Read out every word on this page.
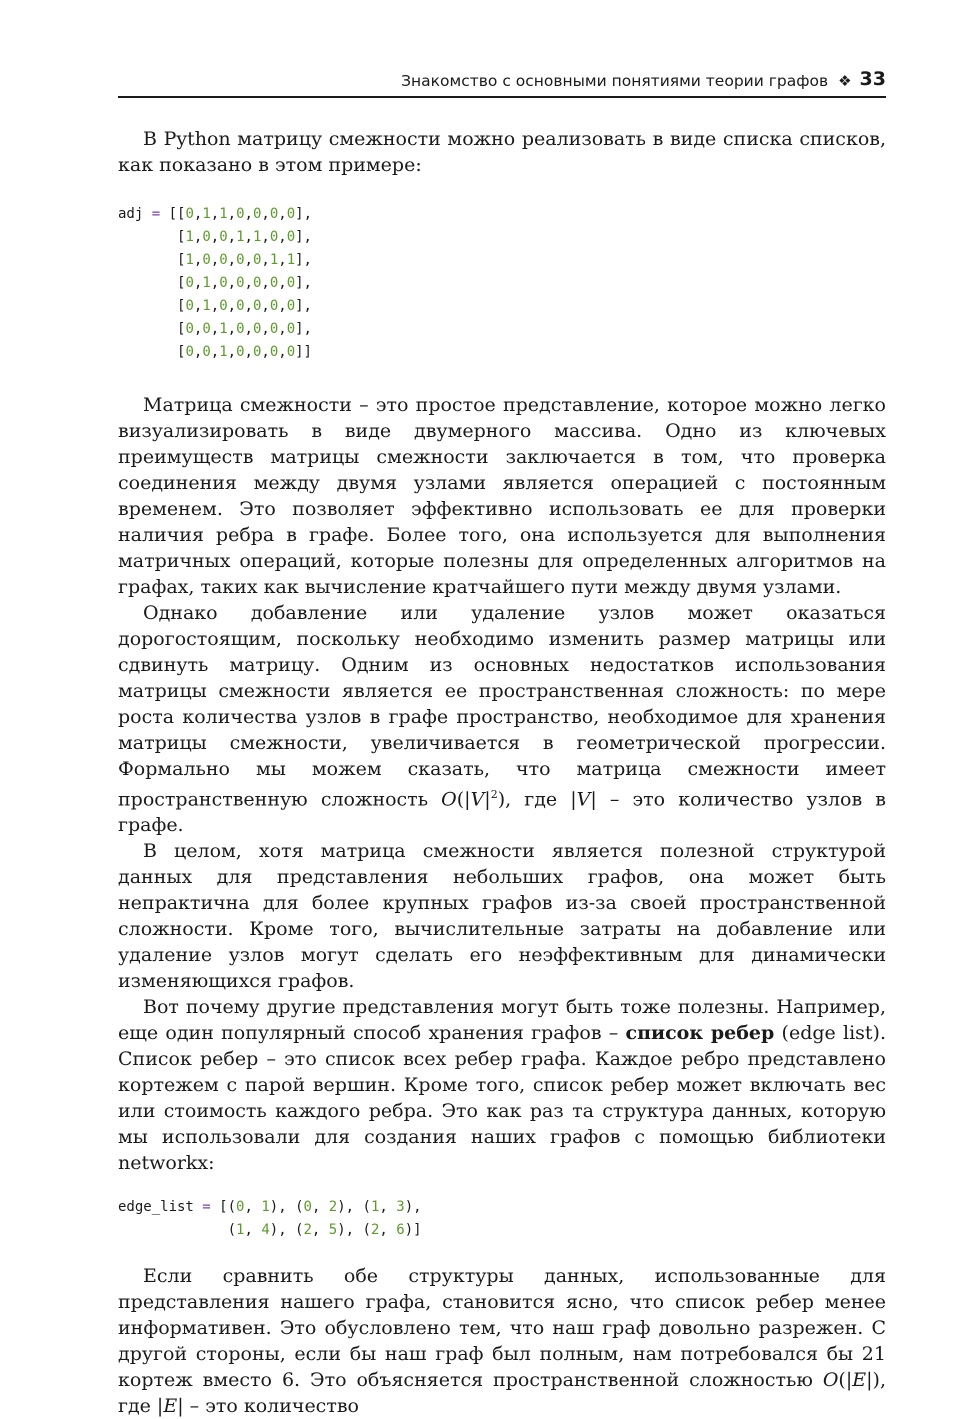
Знакомство с основными понятиями теории графов ❖ 33

В Python матрицу смежности можно реализовать в виде списка списков, как показано в этом примере:

adj = [[0,1,1,0,0,0,0],
[1,0,0,1,1,0,0],
[1,0,0,0,0,1,1],
[0,1,0,0,0,0,0],
[0,1,0,0,0,0,0],
[0,0,1,0,0,0,0],
[0,0,1,0,0,0,0]]

Матрица смежности – это простое представление, которое можно легко визуализировать в виде двумерного массива. Одно из ключевых преимуществ матрицы смежности заключается в том, что проверка соединения между двумя узлами является операцией с постоянным временем. Это позволяет эффективно использовать ее для проверки наличия ребра в графе. Более того, она используется для выполнения матричных операций, которые полезны для определенных алгоритмов на графах, таких как вычисление кратчайшего пути между двумя узлами.

Однако добавление или удаление узлов может оказаться дорогостоящим, поскольку необходимо изменить размер матрицы или сдвинуть матрицу. Одним из основных недостатков использования матрицы смежности является ее пространственная сложность: по мере роста количества узлов в графе пространство, необходимое для хранения матрицы смежности, увеличивается в геометрической прогрессии. Формально мы можем сказать, что матрица смежности имеет пространственную сложность $O(|V|^2)$, где |V| – это количество узлов в графе.

В целом, хотя матрица смежности является полезной структурой данных для представления небольших графов, она может быть непрактична для более крупных графов из-за своей пространственной сложности. Кроме того, вычислительные затраты на добавление или удаление узлов могут сделать его неэффективным для динамически изменяющихся графов.

Вот почему другие представления могут быть тоже полезны. Например, еще один популярный способ хранения графов – список ребер (edge list). Список ребер – это список всех ребер графа. Каждое ребро представлено кортежем с парой вершин. Кроме того, список ребер может включать вес или стоимость каждого ребра. Это как раз та структура данных, которую мы использовали для создания наших графов с помощью библиотеки networkx:

edge_list = [(0, 1), (0, 2), (1, 3),
(1, 4), (2, 5), (2, 6)]

Если сравнить обе структуры данных, использованные для представления нашего графа, становится ясно, что список ребер менее информативен. Это обусловлено тем, что наш граф довольно разрежен. С другой стороны, если бы наш граф был полным, нам потребовался бы 21 кортеж вместо 6. Это объясняется пространственной сложностью O(|E|), где |E| – это количество
